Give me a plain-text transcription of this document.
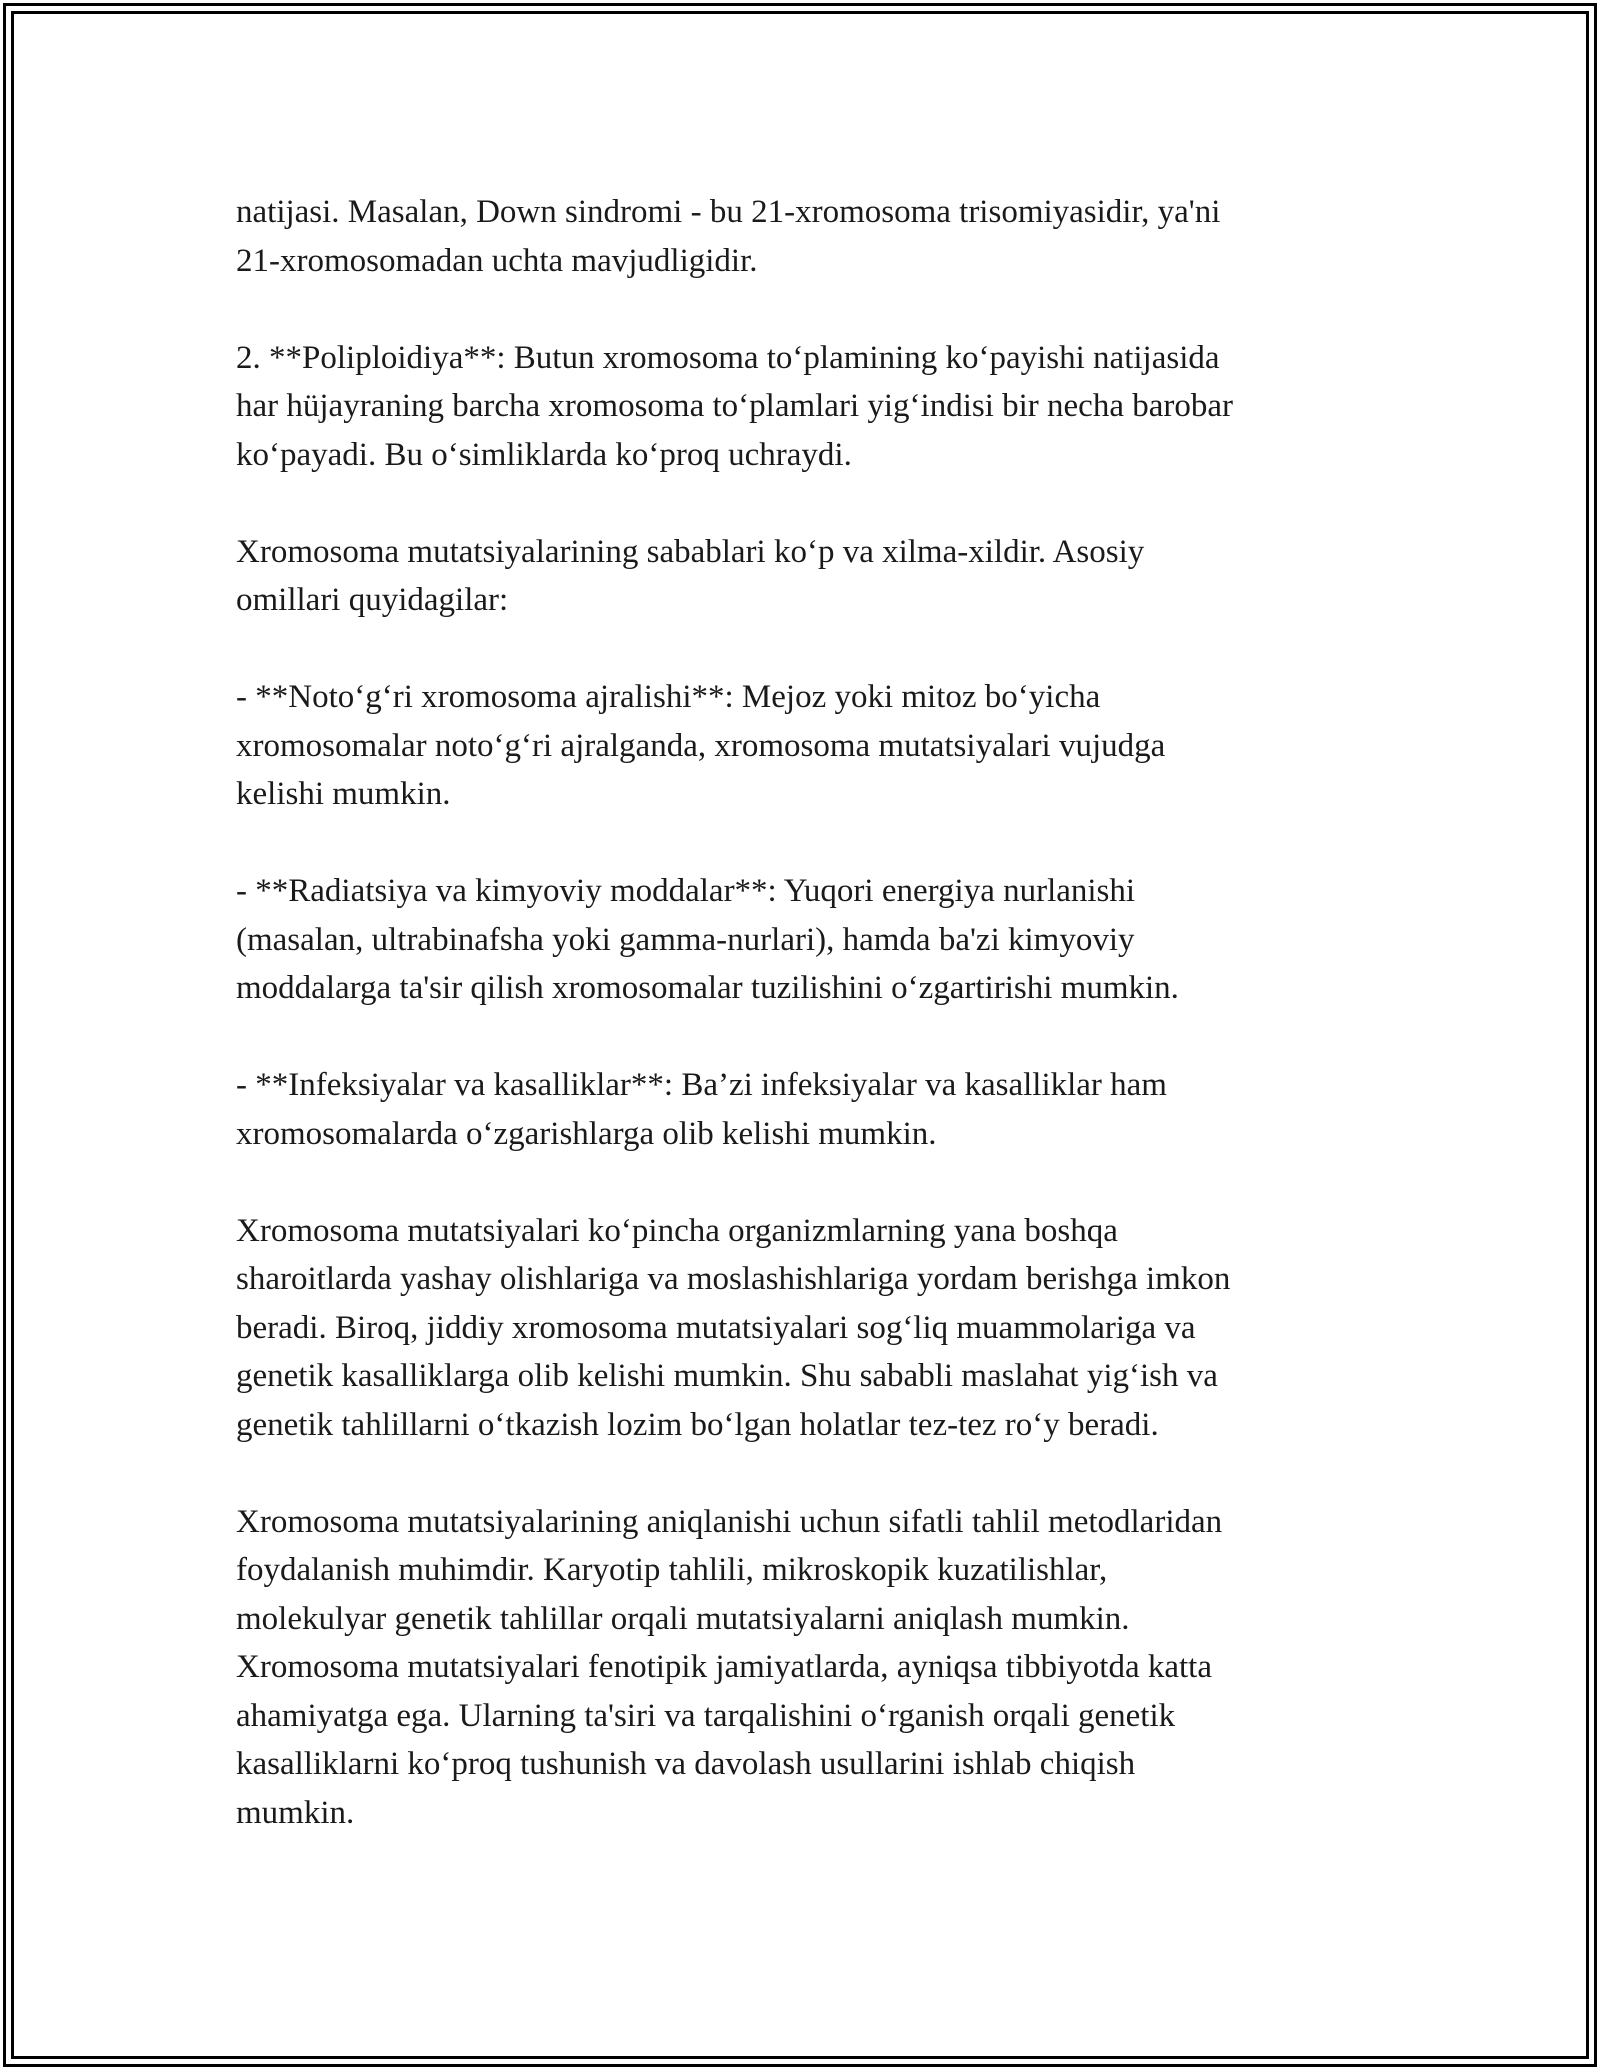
natijasi. Masalan, Down sindromi - bu 21-xromosoma trisomiyasidir, ya'ni
21-xromosomadan uchta mavjudligidir.

2. **Poliploidiya**: Butun xromosoma to‘plamining ko‘payishi natijasida
har hüjayraning barcha xromosoma to‘plamlari yig‘indisi bir necha barobar
ko‘payadi. Bu o‘simliklarda ko‘proq uchraydi.

Xromosoma mutatsiyalarining sabablari ko‘p va xilma-xildir. Asosiy
omillari quyidagilar:

- **Noto‘g‘ri xromosoma ajralishi**: Mejoz yoki mitoz bo‘yicha
xromosomalar noto‘g‘ri ajralganda, xromosoma mutatsiyalari vujudga
kelishi mumkin.

- **Radiatsiya va kimyoviy moddalar**: Yuqori energiya nurlanishi
(masalan, ultrabinafsha yoki gamma-nurlari), hamda ba'zi kimyoviy
moddalarga ta'sir qilish xromosomalar tuzilishini o‘zgartirishi mumkin.

- **Infeksiyalar va kasalliklar**: Ba’zi infeksiyalar va kasalliklar ham
xromosomalarda o‘zgarishlarga olib kelishi mumkin.

Xromosoma mutatsiyalari ko‘pincha organizmlarning yana boshqa
sharoitlarda yashay olishlariga va moslashishlariga yordam berishga imkon
beradi. Biroq, jiddiy xromosoma mutatsiyalari sog‘liq muammolariga va
genetik kasalliklarga olib kelishi mumkin. Shu sababli maslahat yig‘ish va
genetik tahlillarni o‘tkazish lozim bo‘lgan holatlar tez-tez ro‘y beradi.

Xromosoma mutatsiyalarining aniqlanishi uchun sifatli tahlil metodlaridan
foydalanish muhimdir. Karyotip tahlili, mikroskopik kuzatilishlar,
molekulyar genetik tahlillar orqali mutatsiyalarni aniqlash mumkin.
Xromosoma mutatsiyalari fenotipik jamiyatlarda, ayniqsa tibbiyotda katta
ahamiyatga ega. Ularning ta'siri va tarqalishini o‘rganish orqali genetik
kasalliklarni ko‘proq tushunish va davolash usullarini ishlab chiqish
mumkin.
